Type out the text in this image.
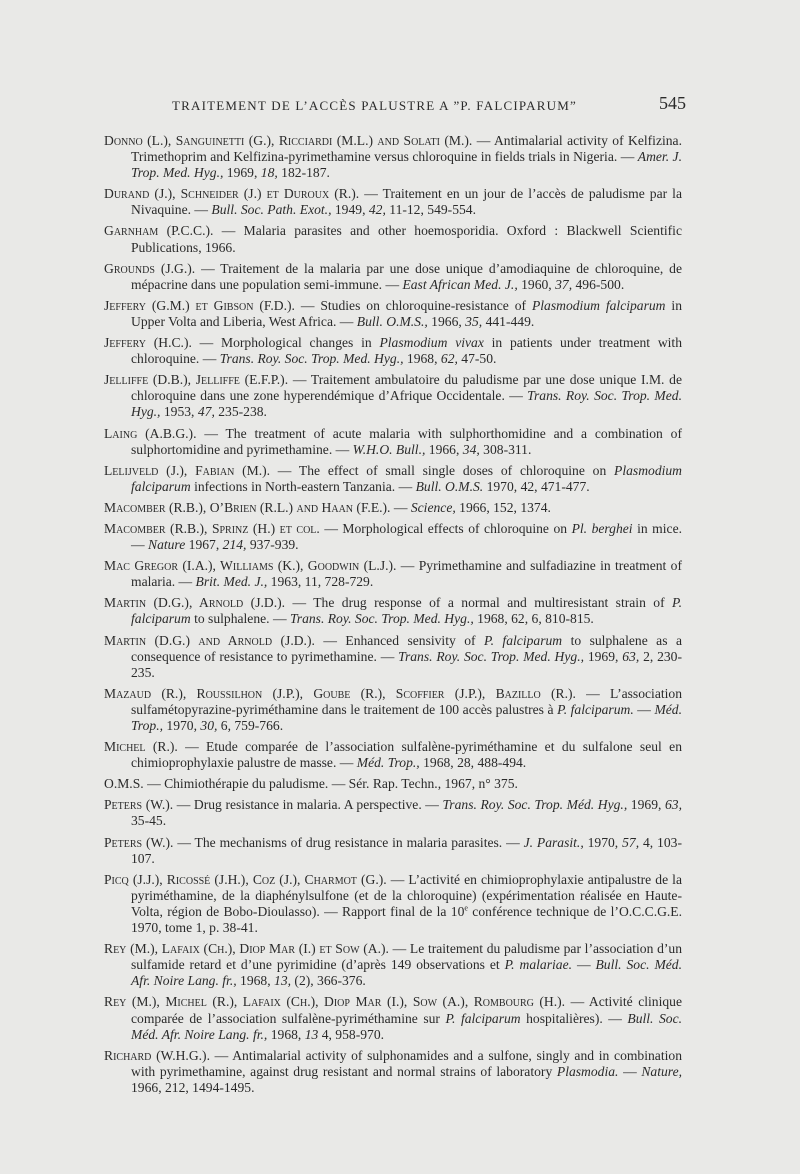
TRAITEMENT DE L’ACCÈS PALUSTRE A ”P. FALCIPARUM”	545

Donno (L.), Sanguinetti (G.), Ricciardi (M.L.) and Solati (M.). — Antimalarial activity of Kelfizina. Trimethoprim and Kelfizina-pyrimethamine versus chloroquine in fields trials in Nigeria. — Amer. J. Trop. Med. Hyg., 1969, 18, 182-187.

Durand (J.), Schneider (J.) et Duroux (R.). — Traitement en un jour de l’accès de paludisme par la Nivaquine. — Bull. Soc. Path. Exot., 1949, 42, 11-12, 549-554.

Garnham (P.C.C.). — Malaria parasites and other hoemosporidia. Oxford : Blackwell Scientific Publications, 1966.

Grounds (J.G.). — Traitement de la malaria par une dose unique d’amodiaquine de chloroquine, de mépacrine dans une population semi-immune. — East African Med. J., 1960, 37, 496-500.

Jeffery (G.M.) et Gibson (F.D.). — Studies on chloroquine-resistance of Plasmodium falciparum in Upper Volta and Liberia, West Africa. — Bull. O.M.S., 1966, 35, 441-449.

Jeffery (H.C.). — Morphological changes in Plasmodium vivax in patients under treatment with chloroquine. — Trans. Roy. Soc. Trop. Med. Hyg., 1968, 62, 47-50.

Jelliffe (D.B.), Jelliffe (E.F.P.). — Traitement ambulatoire du paludisme par une dose unique I.M. de chloroquine dans une zone hyperendémique d’Afrique Occidentale. — Trans. Roy. Soc. Trop. Med. Hyg., 1953, 47, 235-238.

Laing (A.B.G.). — The treatment of acute malaria with sulphorthomidine and a combination of sulphortomidine and pyrimethamine. — W.H.O. Bull., 1966, 34, 308-311.

Lelijveld (J.), Fabian (M.). — The effect of small single doses of chloroquine on Plasmodium falciparum infections in North-eastern Tanzania. — Bull. O.M.S. 1970, 42, 471-477.

Macomber (R.B.), O’Brien (R.L.) and Haan (F.E.). — Science, 1966, 152, 1374.

Macomber (R.B.), Sprinz (H.) et col. — Morphological effects of chloroquine on Pl. berghei in mice. — Nature 1967, 214, 937-939.

Mac Gregor (I.A.), Williams (K.), Goodwin (L.J.). — Pyrimethamine and sulfadiazine in treatment of malaria. — Brit. Med. J., 1963, 11, 728-729.

Martin (D.G.), Arnold (J.D.). — The drug response of a normal and multiresistant strain of P. falciparum to sulphalene. — Trans. Roy. Soc. Trop. Med. Hyg., 1968, 62, 6, 810-815.

Martin (D.G.) and Arnold (J.D.). — Enhanced sensivity of P. falciparum to sulphalene as a consequence of resistance to pyrimethamine. — Trans. Roy. Soc. Trop. Med. Hyg., 1969, 63, 2, 230-235.

Mazaud (R.), Roussilhon (J.P.), Goube (R.), Scoffier (J.P.), Bazillo (R.). — L’association sulfamétopyrazine-pyriméthamine dans le traitement de 100 accès palustres à P. falciparum. — Méd. Trop., 1970, 30, 6, 759-766.

Michel (R.). — Etude comparée de l’association sulfalène-pyriméthamine et du sulfalone seul en chimioprophylaxie palustre de masse. — Méd. Trop., 1968, 28, 488-494.

O.M.S. — Chimiothérapie du paludisme. — Sér. Rap. Techn., 1967, n° 375.

Peters (W.). — Drug resistance in malaria. A perspective. — Trans. Roy. Soc. Trop. Méd. Hyg., 1969, 63, 35-45.

Peters (W.). — The mechanisms of drug resistance in malaria parasites. — J. Parasit., 1970, 57, 4, 103-107.

Picq (J.J.), Ricossé (J.H.), Coz (J.), Charmot (G.). — L’activité en chimioprophylaxie antipalustre de la pyriméthamine, de la diaphénylsulfone (et de la chloroquine) (expérimentation réalisée en Haute-Volta, région de Bobo-Dioulasso). — Rapport final de la 10e conférence technique de l’O.C.C.G.E. 1970, tome 1, p. 38-41.

Rey (M.), Lafaix (Ch.), Diop Mar (I.) et Sow (A.). — Le traitement du paludisme par l’association d’un sulfamide retard et d’une pyrimidine (d’après 149 observations et P. malariae. — Bull. Soc. Méd. Afr. Noire Lang. fr., 1968, 13, (2), 366-376.

Rey (M.), Michel (R.), Lafaix (Ch.), Diop Mar (I.), Sow (A.), Rombourg (H.). — Activité clinique comparée de l’association sulfalène-pyriméthamine sur P. falciparum hospitalières). — Bull. Soc. Méd. Afr. Noire Lang. fr., 1968, 13 4, 958-970.

Richard (W.H.G.). — Antimalarial activity of sulphonamides and a sulfone, singly and in combination with pyrimethamine, against drug resistant and normal strains of laboratory Plasmodia. — Nature, 1966, 212, 1494-1495.
